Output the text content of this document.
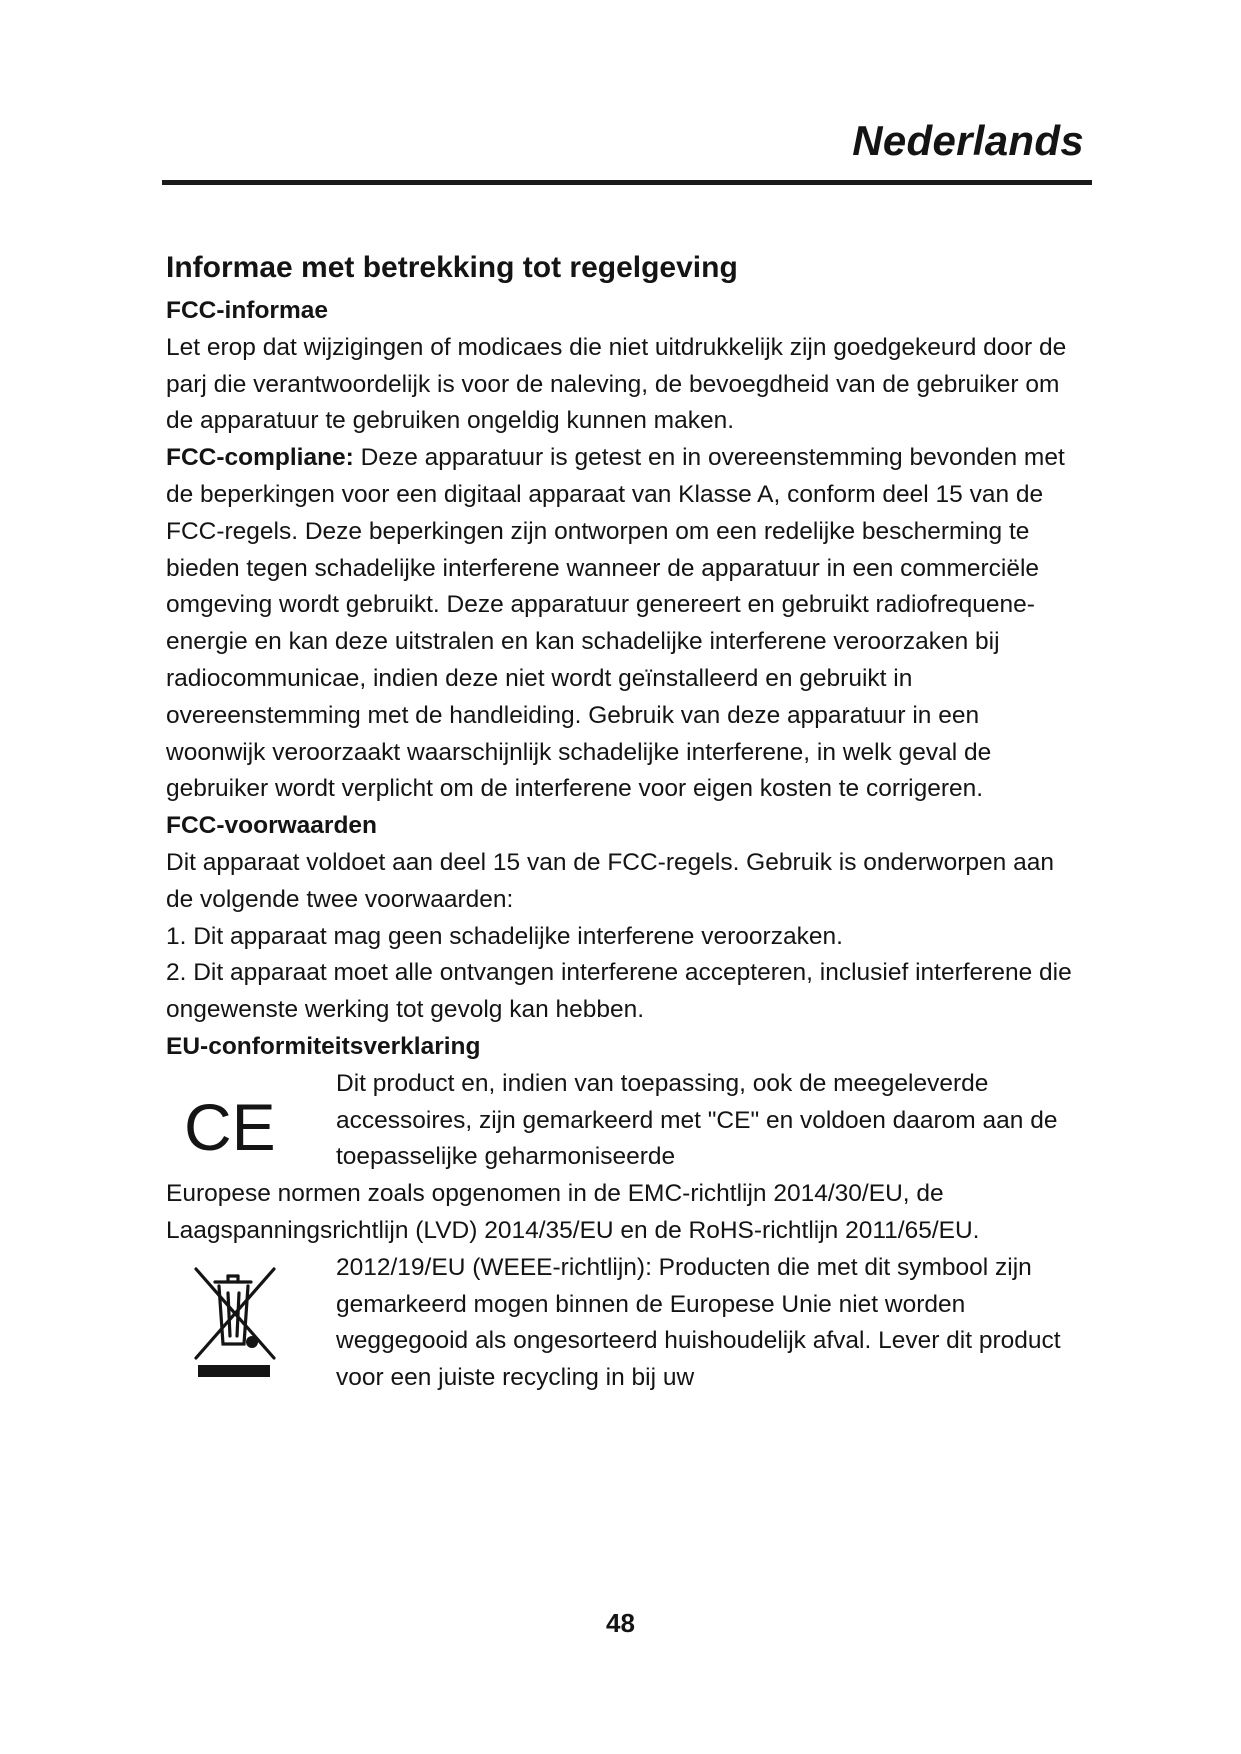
Nederlands
Informae met betrekking tot regelgeving
FCC-informae

Let erop dat wijzigingen of modicaes die niet uitdrukkelijk zijn goedgekeurd door de parj die verantwoordelijk is voor de naleving, de bevoegdheid van de gebruiker om de apparatuur te gebruiken ongeldig kunnen maken.

FCC-compliane: Deze apparatuur is getest en in overeenstemming bevonden met de beperkingen voor een digitaal apparaat van Klasse A, conform deel 15 van de FCC-regels. Deze beperkingen zijn ontworpen om een redelijke bescherming te bieden tegen schadelijke interferene wanneer de apparatuur in een commerciële omgeving wordt gebruikt. Deze apparatuur genereert en gebruikt radiofrequene-energie en kan deze uitstralen en kan schadelijke interferene veroorzaken bij radiocommunicae, indien deze niet wordt geïnstalleerd en gebruikt in overeenstemming met de handleiding. Gebruik van deze apparatuur in een woonwijk veroorzaakt waarschijnlijk schadelijke interferene, in welk geval de gebruiker wordt verplicht om de interferene voor eigen kosten te corrigeren.

FCC-voorwaarden

Dit apparaat voldoet aan deel 15 van de FCC-regels. Gebruik is onderworpen aan de volgende twee voorwaarden:

1. Dit apparaat mag geen schadelijke interferene veroorzaken.

2. Dit apparaat moet alle ontvangen interferene accepteren, inclusief interferene die ongewenste werking tot gevolg kan hebben.

EU-conformiteitsverklaring
CE

Dit product en, indien van toepassing, ook de meegeleverde accessoires, zijn gemarkeerd met "CE" en voldoen daarom aan de toepasselijke geharmoniseerde

Europese normen zoals opgenomen in de EMC-richtlijn 2014/30/EU, de Laagspanningsrichtlijn (LVD) 2014/35/EU en de RoHS-richtlijn 2011/65/EU.

2012/19/EU (WEEE-richtlijn): Producten die met dit symbool zijn gemarkeerd mogen binnen de Europese Unie niet worden weggegooid als ongesorteerd huishoudelijk afval. Lever dit product voor een juiste recycling in bij uw

48
